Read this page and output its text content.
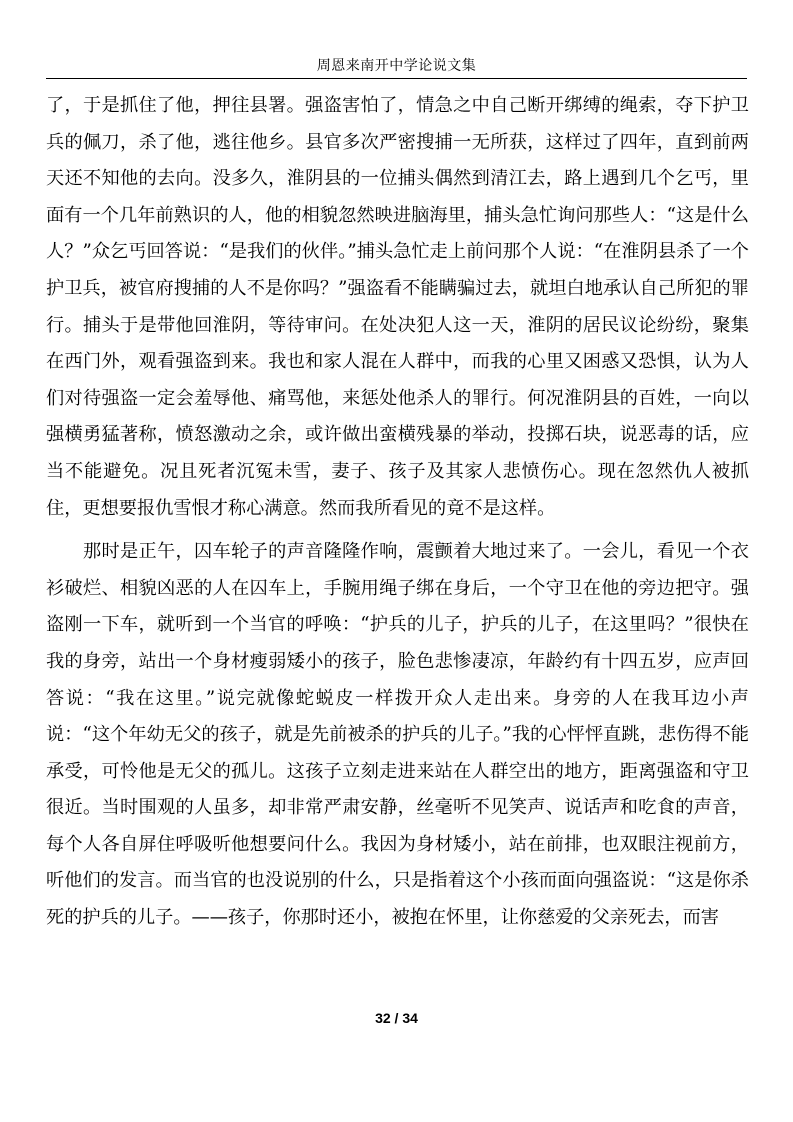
周恩来南开中学论说文集

了，于是抓住了他，押往县署。强盗害怕了，情急之中自己断开绑缚的绳索，夺下护卫兵的佩刀，杀了他，逃往他乡。县官多次严密搜捕一无所获，这样过了四年，直到前两天还不知他的去向。没多久，淮阴县的一位捕头偶然到清江去，路上遇到几个乞丐，里面有一个几年前熟识的人，他的相貌忽然映进脑海里，捕头急忙询问那些人：“这是什么人？”众乞丐回答说：“是我们的伙伴。”捕头急忙走上前问那个人说：“在淮阴县杀了一个护卫兵，被官府搜捕的人不是你吗？”强盗看不能瞒骗过去，就坦白地承认自己所犯的罪行。捕头于是带他回淮阴，等待审问。在处决犯人这一天，淮阴的居民议论纷纷，聚集在西门外，观看强盗到来。我也和家人混在人群中，而我的心里又困惑又恐惧，认为人们对待强盗一定会羞辱他、痛骂他，来惩处他杀人的罪行。何况淮阴县的百姓，一向以强横勇猛著称，愤怒激动之余，或许做出蛮横残暴的举动，投掷石块，说恶毒的话，应当不能避免。况且死者沉冤未雪，妻子、孩子及其家人悲愤伤心。现在忽然仇人被抓住，更想要报仇雪恨才称心满意。然而我所看见的竟不是这样。

那时是正午，囚车轮子的声音隆隆作响，震颤着大地过来了。一会儿，看见一个衣衫破烂、相貌凶恶的人在囚车上，手腕用绳子绑在身后，一个守卫在他的旁边把守。强盗刚一下车，就听到一个当官的呼唤：“护兵的儿子，护兵的儿子，在这里吗？”很快在我的身旁，站出一个身材瘦弱矮小的孩子，脸色悲惨凄凉，年龄约有十四五岁，应声回答说：“我在这里。”说完就像蛇蜕皮一样拨开众人走出来。身旁的人在我耳边小声说：“这个年幼无父的孩子，就是先前被杀的护兵的儿子。”我的心怦怦直跳，悲伤得不能承受，可怜他是无父的孤儿。这孩子立刻走进来站在人群空出的地方，距离强盗和守卫很近。当时围观的人虽多，却非常严肃安静，丝毫听不见笑声、说话声和吃食的声音，每个人各自屏住呼吸听他想要问什么。我因为身材矮小，站在前排，也双眼注视前方，听他们的发言。而当官的也没说别的什么，只是指着这个小孩而面向强盗说：“这是你杀死的护兵的儿子。——孩子，你那时还小，被抱在怀里，让你慈爱的父亲死去，而害

32 / 34
